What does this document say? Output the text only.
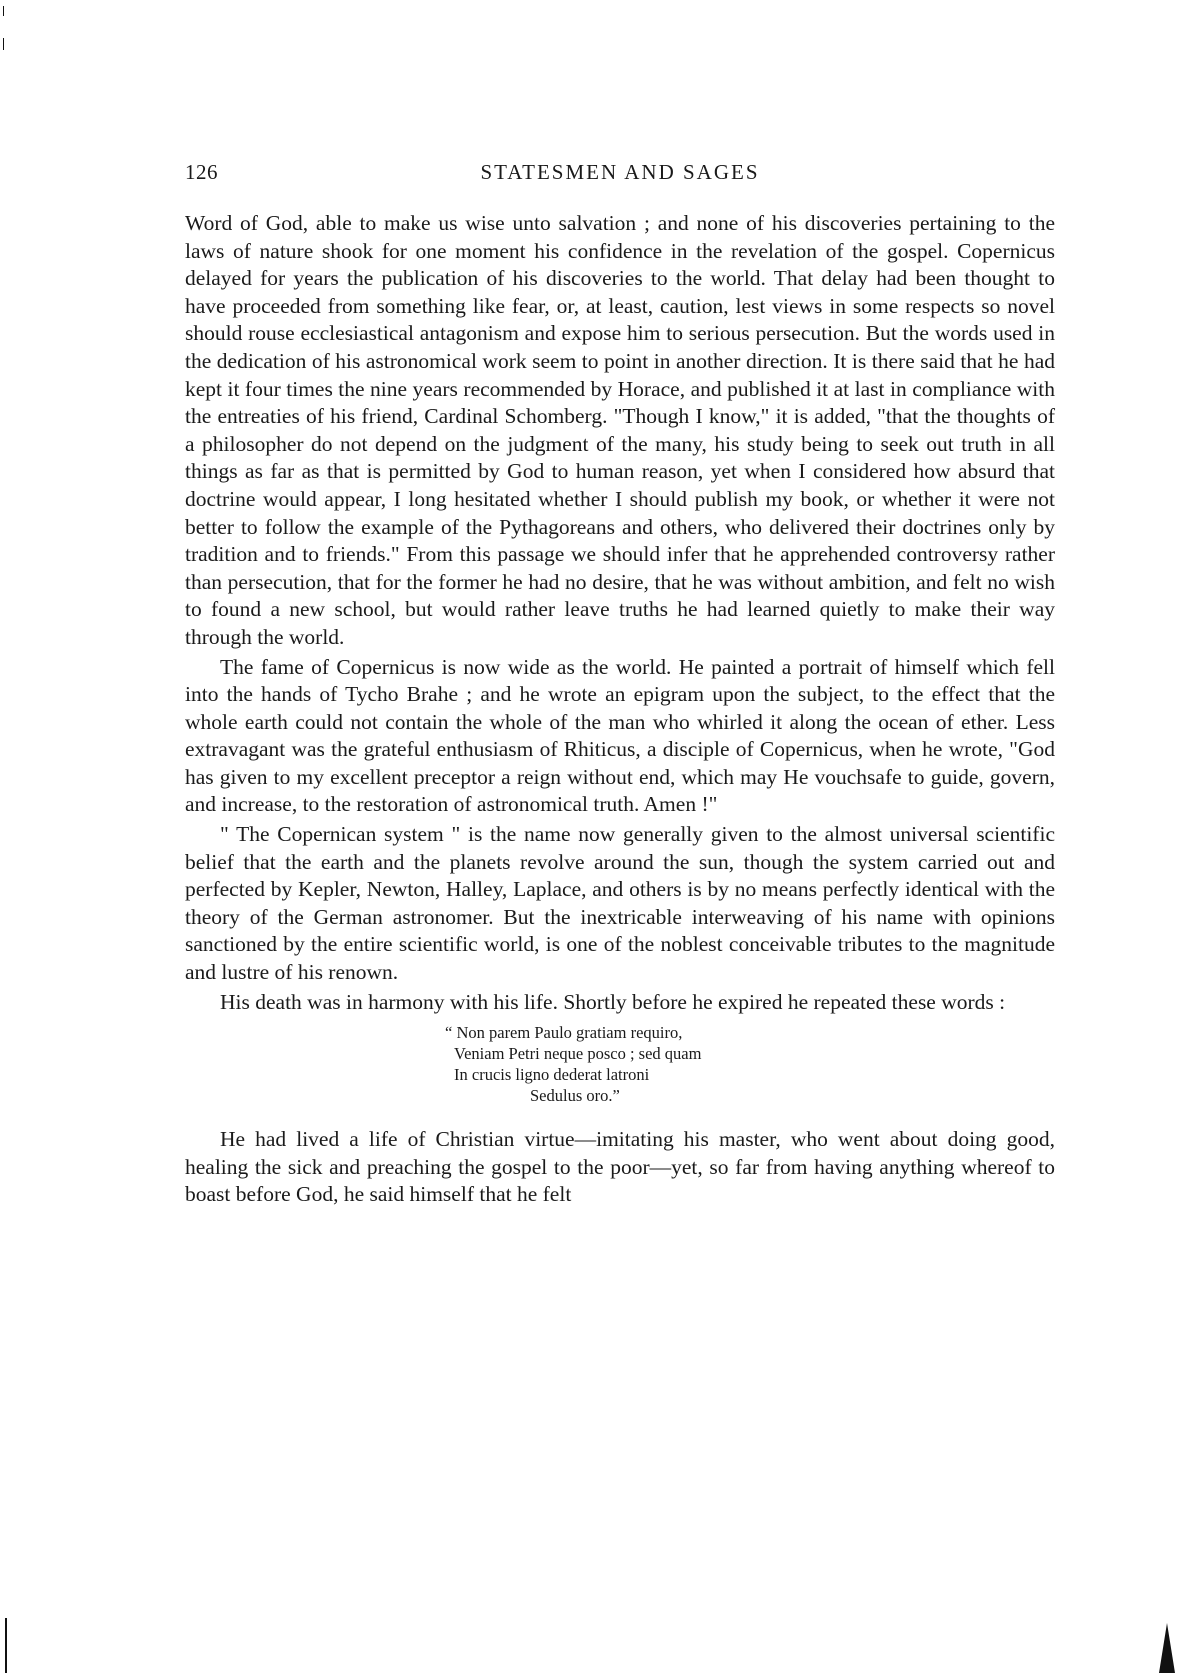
126	STATESMEN AND SAGES

Word of God, able to make us wise unto salvation ; and none of his discoveries pertaining to the laws of nature shook for one moment his confidence in the revelation of the gospel. Copernicus delayed for years the publication of his discoveries to the world. That delay had been thought to have proceeded from something like fear, or, at least, caution, lest views in some respects so novel should rouse ecclesiastical antagonism and expose him to serious persecution. But the words used in the dedication of his astronomical work seem to point in another direction. It is there said that he had kept it four times the nine years recommended by Horace, and published it at last in compliance with the entreaties of his friend, Cardinal Schomberg. "Though I know," it is added, "that the thoughts of a philosopher do not depend on the judgment of the many, his study being to seek out truth in all things as far as that is permitted by God to human reason, yet when I considered how absurd that doctrine would appear, I long hesitated whether I should publish my book, or whether it were not better to follow the example of the Pythagoreans and others, who delivered their doctrines only by tradition and to friends." From this passage we should infer that he apprehended controversy rather than persecution, that for the former he had no desire, that he was without ambition, and felt no wish to found a new school, but would rather leave truths he had learned quietly to make their way through the world.

The fame of Copernicus is now wide as the world. He painted a portrait of himself which fell into the hands of Tycho Brahe ; and he wrote an epigram upon the subject, to the effect that the whole earth could not contain the whole of the man who whirled it along the ocean of ether. Less extravagant was the grateful enthusiasm of Rhiticus, a disciple of Copernicus, when he wrote, "God has given to my excellent preceptor a reign without end, which may He vouchsafe to guide, govern, and increase, to the restoration of astronomical truth. Amen !"

" The Copernican system " is the name now generally given to the almost universal scientific belief that the earth and the planets revolve around the sun, though the system carried out and perfected by Kepler, Newton, Halley, Laplace, and others is by no means perfectly identical with the theory of the German astronomer. But the inextricable interweaving of his name with opinions sanctioned by the entire scientific world, is one of the noblest conceivable tributes to the magnitude and lustre of his renown.

His death was in harmony with his life. Shortly before he expired he repeated these words :

“ Non parem Paulo gratiam requiro,
Veniam Petri neque posco ; sed quam
In crucis ligno dederat latroni
Sedulus oro.”

He had lived a life of Christian virtue—imitating his master, who went about doing good, healing the sick and preaching the gospel to the poor—yet, so far from having anything whereof to boast before God, he said himself that he felt
